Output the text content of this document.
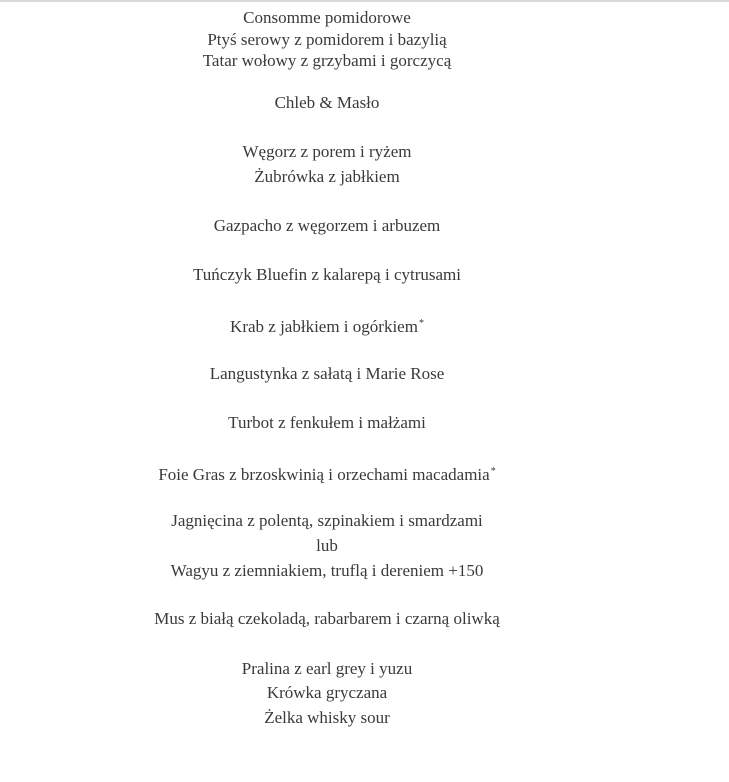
Consomme pomidorowe
Ptyś serowy z pomidorem i bazylią
Tatar wołowy z grzybami i gorczycą
Chleb & Masło
Węgorz z porem i ryżem
Żubrówka z jabłkiem
Gazpacho z węgorzem i arbuzem
Tuńczyk Bluefin z kalarepą i cytrusami
Krab z jabłkiem i ogórkiem*
Langustynka z sałatą i Marie Rose
Turbot z fenkułem i małżami
Foie Gras z brzoskwinią i orzechami macadamia*
Jagnięcina z polentą, szpinakiem i smardzami
lub
Wagyu z ziemniakiem, truflą i dereniem +150
Mus z białą czekoladą, rabarbarem i czarną oliwką
Pralina z earl grey i yuzu
Krówka gryczana
Żelka whisky sour
